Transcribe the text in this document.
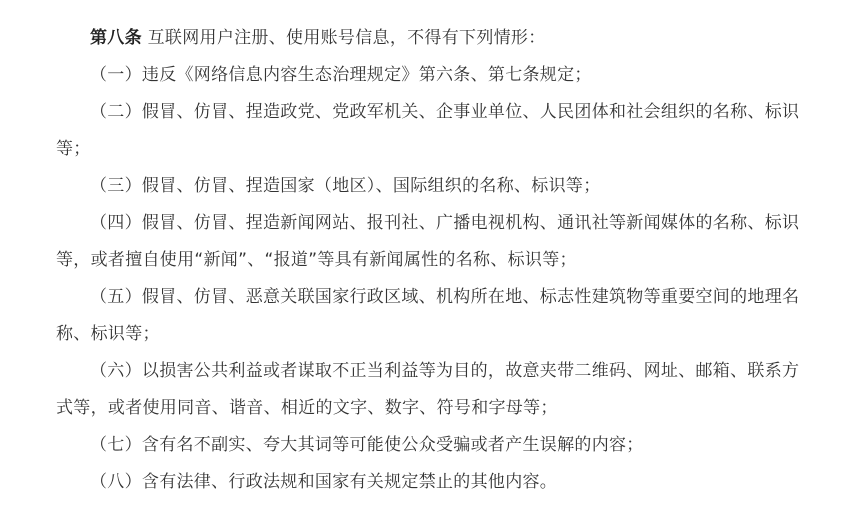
第八条 互联网用户注册、使用账号信息，不得有下列情形：

（一）违反《网络信息内容生态治理规定》第六条、第七条规定；

（二）假冒、仿冒、捏造政党、党政军机关、企事业单位、人民团体和社会组织的名称、标识等；

（三）假冒、仿冒、捏造国家（地区）、国际组织的名称、标识等；

（四）假冒、仿冒、捏造新闻网站、报刊社、广播电视机构、通讯社等新闻媒体的名称、标识等，或者擅自使用“新闻”、“报道”等具有新闻属性的名称、标识等；

（五）假冒、仿冒、恶意关联国家行政区域、机构所在地、标志性建筑物等重要空间的地理名称、标识等；

（六）以损害公共利益或者谋取不正当利益等为目的，故意夹带二维码、网址、邮箱、联系方式等，或者使用同音、谐音、相近的文字、数字、符号和字母等；

（七）含有名不副实、夸大其词等可能使公众受骗或者产生误解的内容；

（八）含有法律、行政法规和国家有关规定禁止的其他内容。
